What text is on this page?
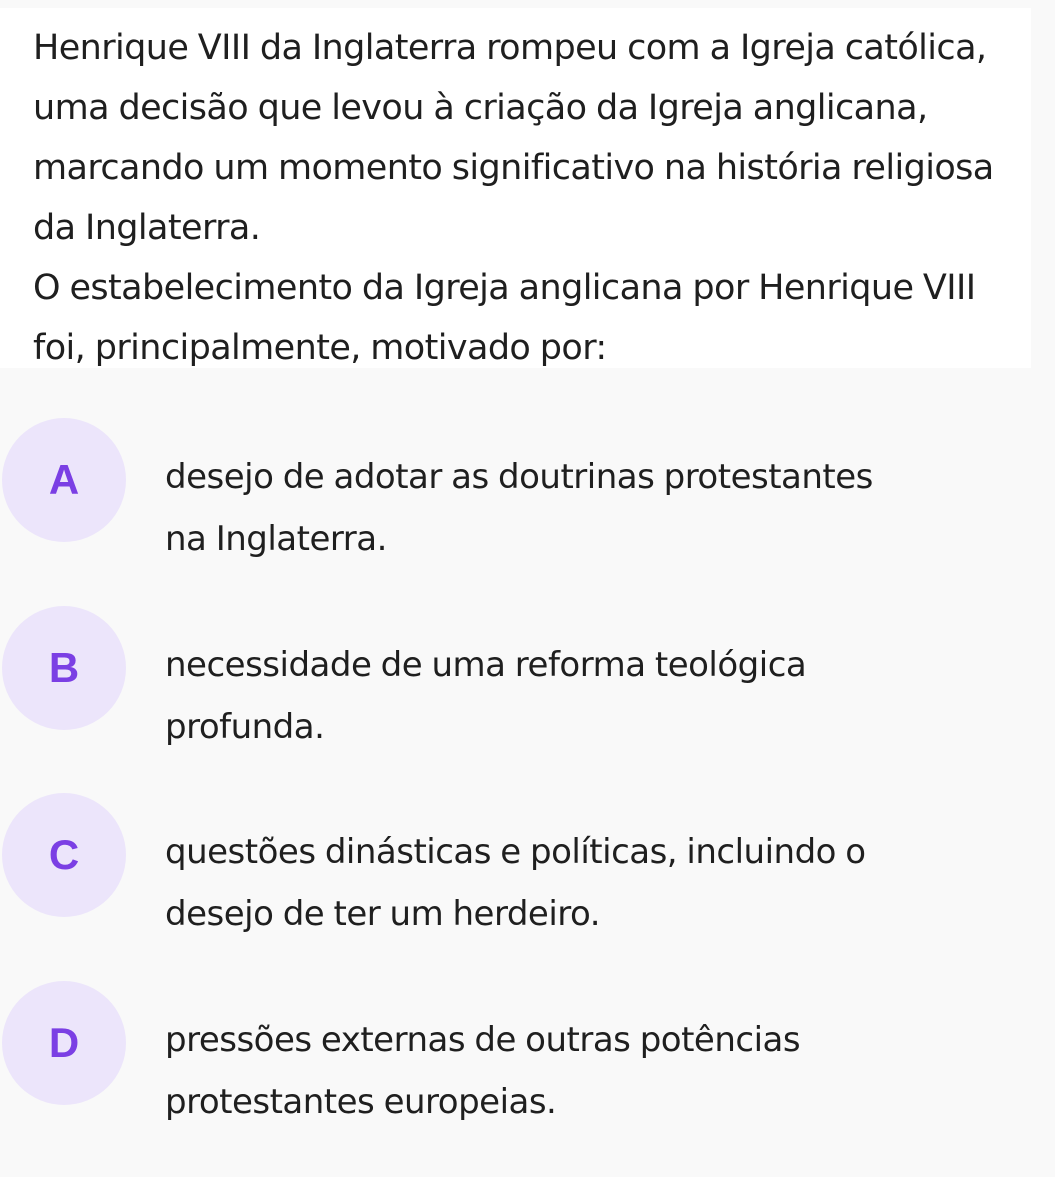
Henrique VIII da Inglaterra rompeu com a Igreja católica,
uma decisão que levou à criação da Igreja anglicana,
marcando um momento significativo na história religiosa
da Inglaterra.
O estabelecimento da Igreja anglicana por Henrique VIII
foi, principalmente, motivado por:

A	desejo de adotar as doutrinas protestantes
na Inglaterra.

B	necessidade de uma reforma teológica
profunda.

C	questões dinásticas e políticas, incluindo o
desejo de ter um herdeiro.

D	pressões externas de outras potências
protestantes europeias.
